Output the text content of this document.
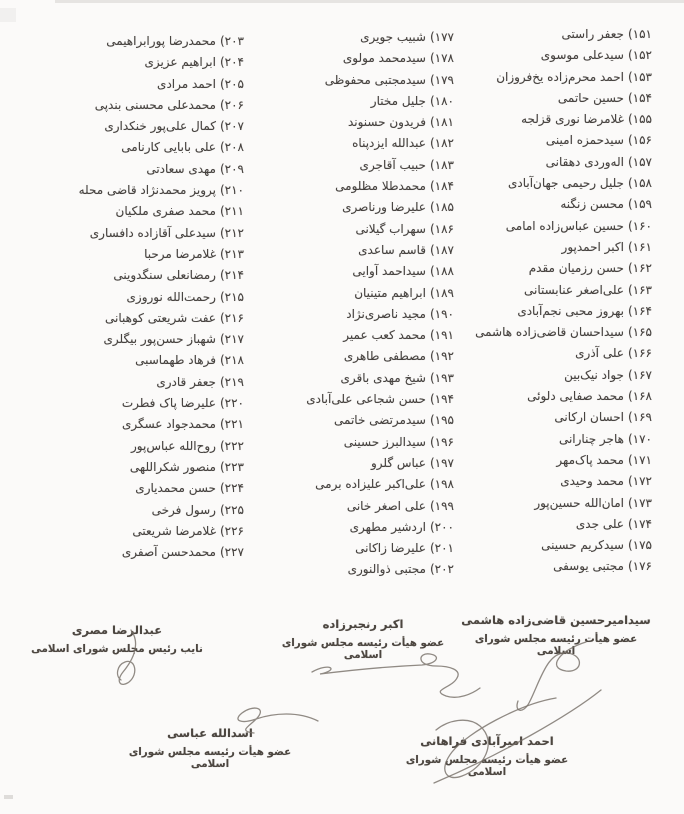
۱۵۱)جعفر راستی
۱۵۲)سیدعلی موسوی
۱۵۳)احمد محرم‌زاده یخ‌فروزان
۱۵۴)حسین حاتمی
۱۵۵)غلامرضا نوری قزلجه
۱۵۶)سیدحمزه امینی
۱۵۷)اله‌وردی دهقانی
۱۵۸)جلیل رحیمی جهان‌آبادی
۱۵۹)محسن زنگنه
۱۶۰)حسین عباس‌زاده امامی
۱۶۱)اکبر احمدپور
۱۶۲)حسن رزمیان مقدم
۱۶۳)علی‌اصغر عنابستانی
۱۶۴)بهروز محبی نجم‌آبادی
۱۶۵)سیداحسان قاضی‌زاده هاشمی
۱۶۶)علی آذری
۱۶۷)جواد نیک‌بین
۱۶۸)محمد صفایی دلوئی
۱۶۹)احسان ارکانی
۱۷۰)هاجر چنارانی
۱۷۱)محمد پاک‌مهر
۱۷۲)محمد وحیدی
۱۷۳)امان‌الله حسین‌پور
۱۷۴)علی جدی
۱۷۵)سیدکریم حسینی
۱۷۶)مجتبی یوسفی
۱۷۷)شبیب جویری
۱۷۸)سیدمحمد مولوی
۱۷۹)سیدمجتبی محفوظی
۱۸۰)جلیل مختار
۱۸۱)فریدون حسنوند
۱۸۲)عبدالله ایزدپناه
۱۸۳)حبیب آقاجری
۱۸۴)محمدطلا مظلومی
۱۸۵)علیرضا ورناصری
۱۸۶)سهراب گیلانی
۱۸۷)قاسم ساعدی
۱۸۸)سیداحمد آوایی
۱۸۹)ابراهیم متینیان
۱۹۰)مجید ناصری‌نژاد
۱۹۱)محمد کعب عمیر
۱۹۲)مصطفی طاهری
۱۹۳)شیخ مهدی باقری
۱۹۴)حسن شجاعی علی‌آبادی
۱۹۵)سیدمرتضی خاتمی
۱۹۶)سیدالبرز حسینی
۱۹۷)عباس گلرو
۱۹۸)علی‌اکبر علیزاده برمی
۱۹۹)علی اصغر خانی
۲۰۰)اردشیر مطهری
۲۰۱)علیرضا زاکانی
۲۰۲)مجتبی ذوالنوری
۲۰۳)محمدرضا پورابراهیمی
۲۰۴)ابراهیم عزیزی
۲۰۵)احمد مرادی
۲۰۶)محمدعلی محسنی بندپی
۲۰۷)کمال علی‌پور خنکداری
۲۰۸)علی بابایی کارنامی
۲۰۹)مهدی سعادتی
۲۱۰)پرویز محمدنژاد قاضی محله
۲۱۱)محمد صفری ملکیان
۲۱۲)سیدعلی آقازاده دافساری
۲۱۳)غلامرضا مرحبا
۲۱۴)رمضانعلی سنگدوینی
۲۱۵)رحمت‌الله نوروزی
۲۱۶)عفت شریعتی کوهبانی
۲۱۷)شهباز حسن‌پور بیگلری
۲۱۸)فرهاد طهماسبی
۲۱۹)جعفر قادری
۲۲۰)علیرضا پاک فطرت
۲۲۱)محمدجواد عسگری
۲۲۲)روح‌الله عباس‌پور
۲۲۳)منصور شکراللهی
۲۲۴)حسن محمدیاری
۲۲۵)رسول فرخی
۲۲۶)غلامرضا شریعتی
۲۲۷)محمدحسن آصفری
سیدامیرحسین قاضی‌زاده هاشمی
عضو هیأت رئیسه مجلس شورای اسلامی
اکبر رنجبرزاده
عضو هیأت رئیسه مجلس شورای اسلامی
عبدالرضا مصری
نایب رئیس مجلس شورای اسلامی
اسدالله عباسی
عضو هیأت رئیسه مجلس شورای اسلامی
احمد امیرآبادی فراهانی
عضو هیأت رئیسه مجلس شورای اسلامی
